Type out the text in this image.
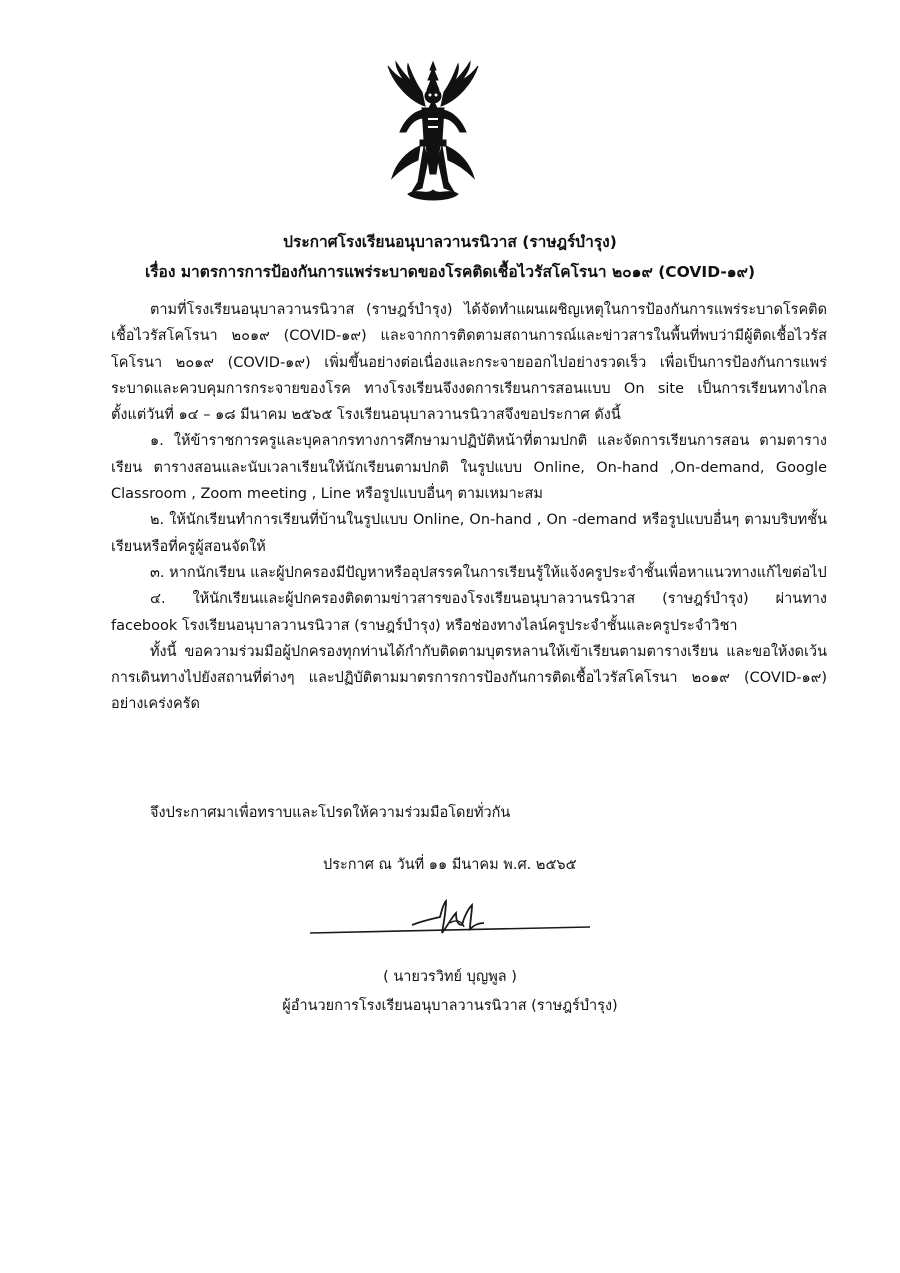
ประกาศโรงเรียนอนุบาลวานรนิวาส (ราษฎร์บำรุง)
เรื่อง มาตรการการป้องกันการแพร่ระบาดของโรคติดเชื้อไวรัสโคโรนา ๒๐๑๙ (COVID-๑๙)

ตามที่โรงเรียนอนุบาลวานรนิวาส (ราษฎร์บำรุง) ได้จัดทำแผนเผชิญเหตุในการป้องกันการแพร่ระบาดโรคติดเชื้อไวรัสโคโรนา ๒๐๑๙ (COVID-๑๙) และจากการติดตามสถานการณ์และข่าวสารในพื้นที่พบว่ามีผู้ติดเชื้อไวรัสโคโรนา ๒๐๑๙ (COVID-๑๙) เพิ่มขึ้นอย่างต่อเนื่องและกระจายออกไปอย่างรวดเร็ว เพื่อเป็นการป้องกันการแพร่ระบาดและควบคุมการกระจายของโรค ทางโรงเรียนจึงงดการเรียนการสอนแบบ On site เป็นการเรียนทางไกล ตั้งแต่วันที่ ๑๔ – ๑๘ มีนาคม ๒๕๖๕ โรงเรียนอนุบาลวานรนิวาสจึงขอประกาศ ดังนี้

๑. ให้ข้าราชการครูและบุคลากรทางการศึกษามาปฏิบัติหน้าที่ตามปกติ และจัดการเรียนการสอน ตามตารางเรียน ตารางสอนและนับเวลาเรียนให้นักเรียนตามปกติ ในรูปแบบ Online, On-hand ,On-demand, Google Classroom , Zoom meeting , Line หรือรูปแบบอื่นๆ ตามเหมาะสม

๒. ให้นักเรียนทำการเรียนที่บ้านในรูปแบบ Online, On-hand , On -demand หรือรูปแบบอื่นๆ ตามบริบทชั้นเรียนหรือที่ครูผู้สอนจัดให้

๓. หากนักเรียน และผู้ปกครองมีปัญหาหรืออุปสรรคในการเรียนรู้ให้แจ้งครูประจำชั้นเพื่อหาแนวทางแก้ไขต่อไป

๔. ให้นักเรียนและผู้ปกครองติดตามข่าวสารของโรงเรียนอนุบาลวานรนิวาส (ราษฎร์บำรุง) ผ่านทาง facebook โรงเรียนอนุบาลวานรนิวาส (ราษฎร์บำรุง) หรือช่องทางไลน์ครูประจำชั้นและครูประจำวิชา

ทั้งนี้ ขอความร่วมมือผู้ปกครองทุกท่านได้กำกับติดตามบุตรหลานให้เข้าเรียนตามตารางเรียน และขอให้งดเว้นการเดินทางไปยังสถานที่ต่างๆ และปฏิบัติตามมาตรการการป้องกันการติดเชื้อไวรัสโคโรนา ๒๐๑๙ (COVID-๑๙) อย่างเคร่งครัด

จึงประกาศมาเพื่อทราบและโปรดให้ความร่วมมือโดยทั่วกัน
ประกาศ ณ วันที่ ๑๑ มีนาคม พ.ศ. ๒๕๖๕
( นายวรวิทย์ บุญพูล )
ผู้อำนวยการโรงเรียนอนุบาลวานรนิวาส (ราษฎร์บำรุง)
